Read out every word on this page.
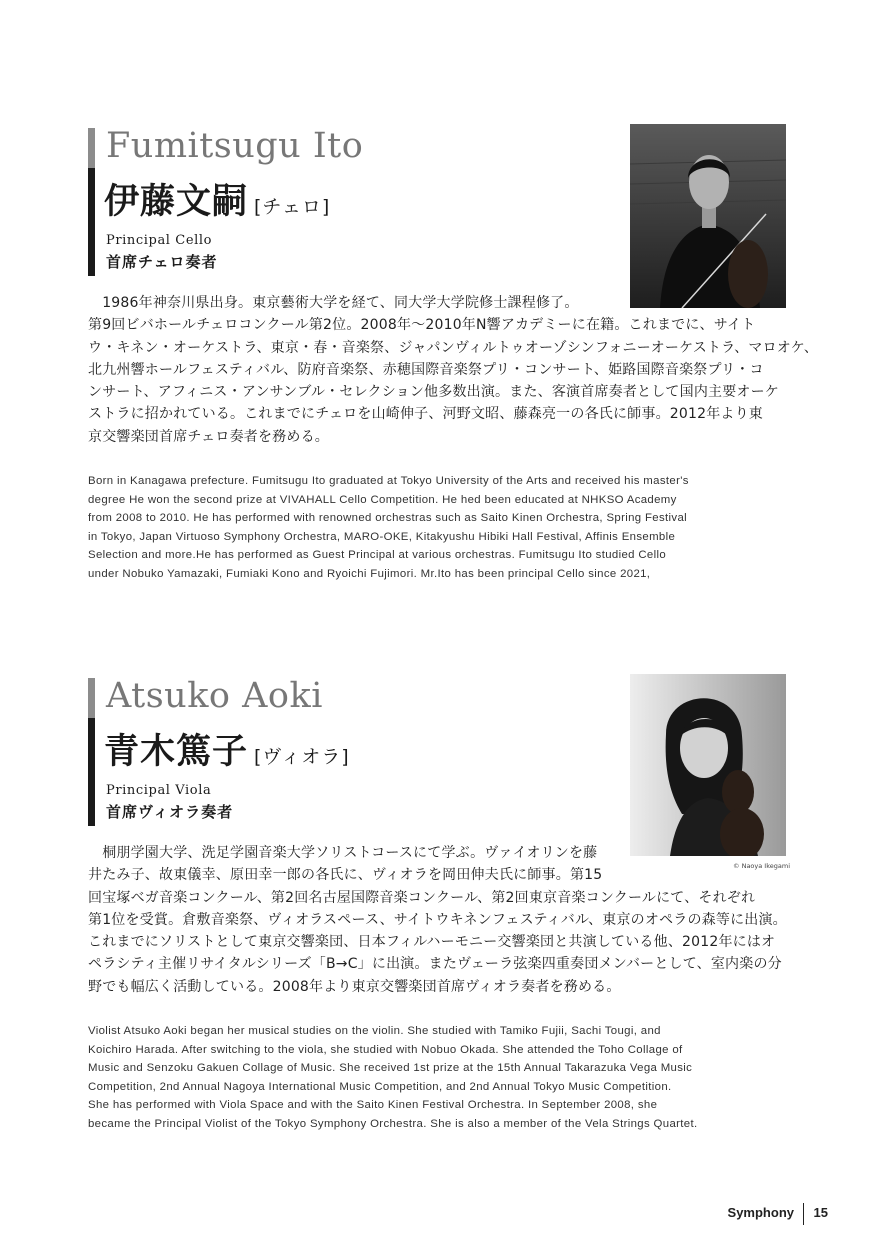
Fumitsugu Ito
伊藤文嗣 [チェロ]
Principal Cello
首席チェロ奏者
　1986年神奈川県出身。東京藝術大学を経て、同大学大学院修士課程修了。
第9回ビバホールチェロコンクール第2位。2008年〜2010年N響アカデミーに在籍。これまでに、サイト
ウ・キネン・オーケストラ、東京・春・音楽祭、ジャパンヴィルトゥオーゾシンフォニーオーケストラ、マロオケ、
北九州響ホールフェスティバル、防府音楽祭、赤穂国際音楽祭プリ・コンサート、姫路国際音楽祭プリ・コ
ンサート、アフィニス・アンサンブル・セレクション他多数出演。また、客演首席奏者として国内主要オーケ
ストラに招かれている。これまでにチェロを山崎伸子、河野文昭、藤森亮一の各氏に師事。2012年より東
京交響楽団首席チェロ奏者を務める。
Born in Kanagawa prefecture. Fumitsugu Ito graduated at Tokyo University of the Arts and received his master's
degree He won the second prize at VIVAHALL Cello Competition. He hed been educated at NHKSO Academy
from 2008 to 2010. He has performed with renowned orchestras such as Saito Kinen Orchestra, Spring Festival
in Tokyo, Japan Virtuoso Symphony Orchestra, MARO-OKE, Kitakyushu Hibiki Hall Festival, Affinis Ensemble
Selection and more.He has performed as Guest Principal at various orchestras. Fumitsugu Ito studied Cello
under Nobuko Yamazaki, Fumiaki Kono and Ryoichi Fujimori. Mr.Ito has been principal Cello since 2021,
Atsuko Aoki
青木篤子 [ヴィオラ]
Principal Viola
首席ヴィオラ奏者
© Naoya Ikegami
　桐朋学園大学、洗足学園音楽大学ソリストコースにて学ぶ。ヴァイオリンを藤
井たみ子、故東儀幸、原田幸一郎の各氏に、ヴィオラを岡田伸夫氏に師事。第15
回宝塚ベガ音楽コンクール、第2回名古屋国際音楽コンクール、第2回東京音楽コンクールにて、それぞれ
第1位を受賞。倉敷音楽祭、ヴィオラスペース、サイトウキネンフェスティバル、東京のオペラの森等に出演。
これまでにソリストとして東京交響楽団、日本フィルハーモニー交響楽団と共演している他、2012年にはオ
ペラシティ主催リサイタルシリーズ「B→C」に出演。またヴェーラ弦楽四重奏団メンバーとして、室内楽の分
野でも幅広く活動している。2008年より東京交響楽団首席ヴィオラ奏者を務める。
Violist Atsuko Aoki began her musical studies on the violin. She studied with Tamiko Fujii, Sachi Tougi, and
Koichiro Harada. After switching to the viola, she studied with Nobuo Okada. She attended the Toho Collage of
Music and Senzoku Gakuen Collage of Music. She received 1st prize at the 15th Annual Takarazuka Vega Music
Competition, 2nd Annual Nagoya International Music Competition, and 2nd Annual Tokyo Music Competition.
She has performed with Viola Space and with the Saito Kinen Festival Orchestra. In September 2008, she
became the Principal Violist of the Tokyo Symphony Orchestra. She is also a member of the Vela Strings Quartet.
Symphony 15
